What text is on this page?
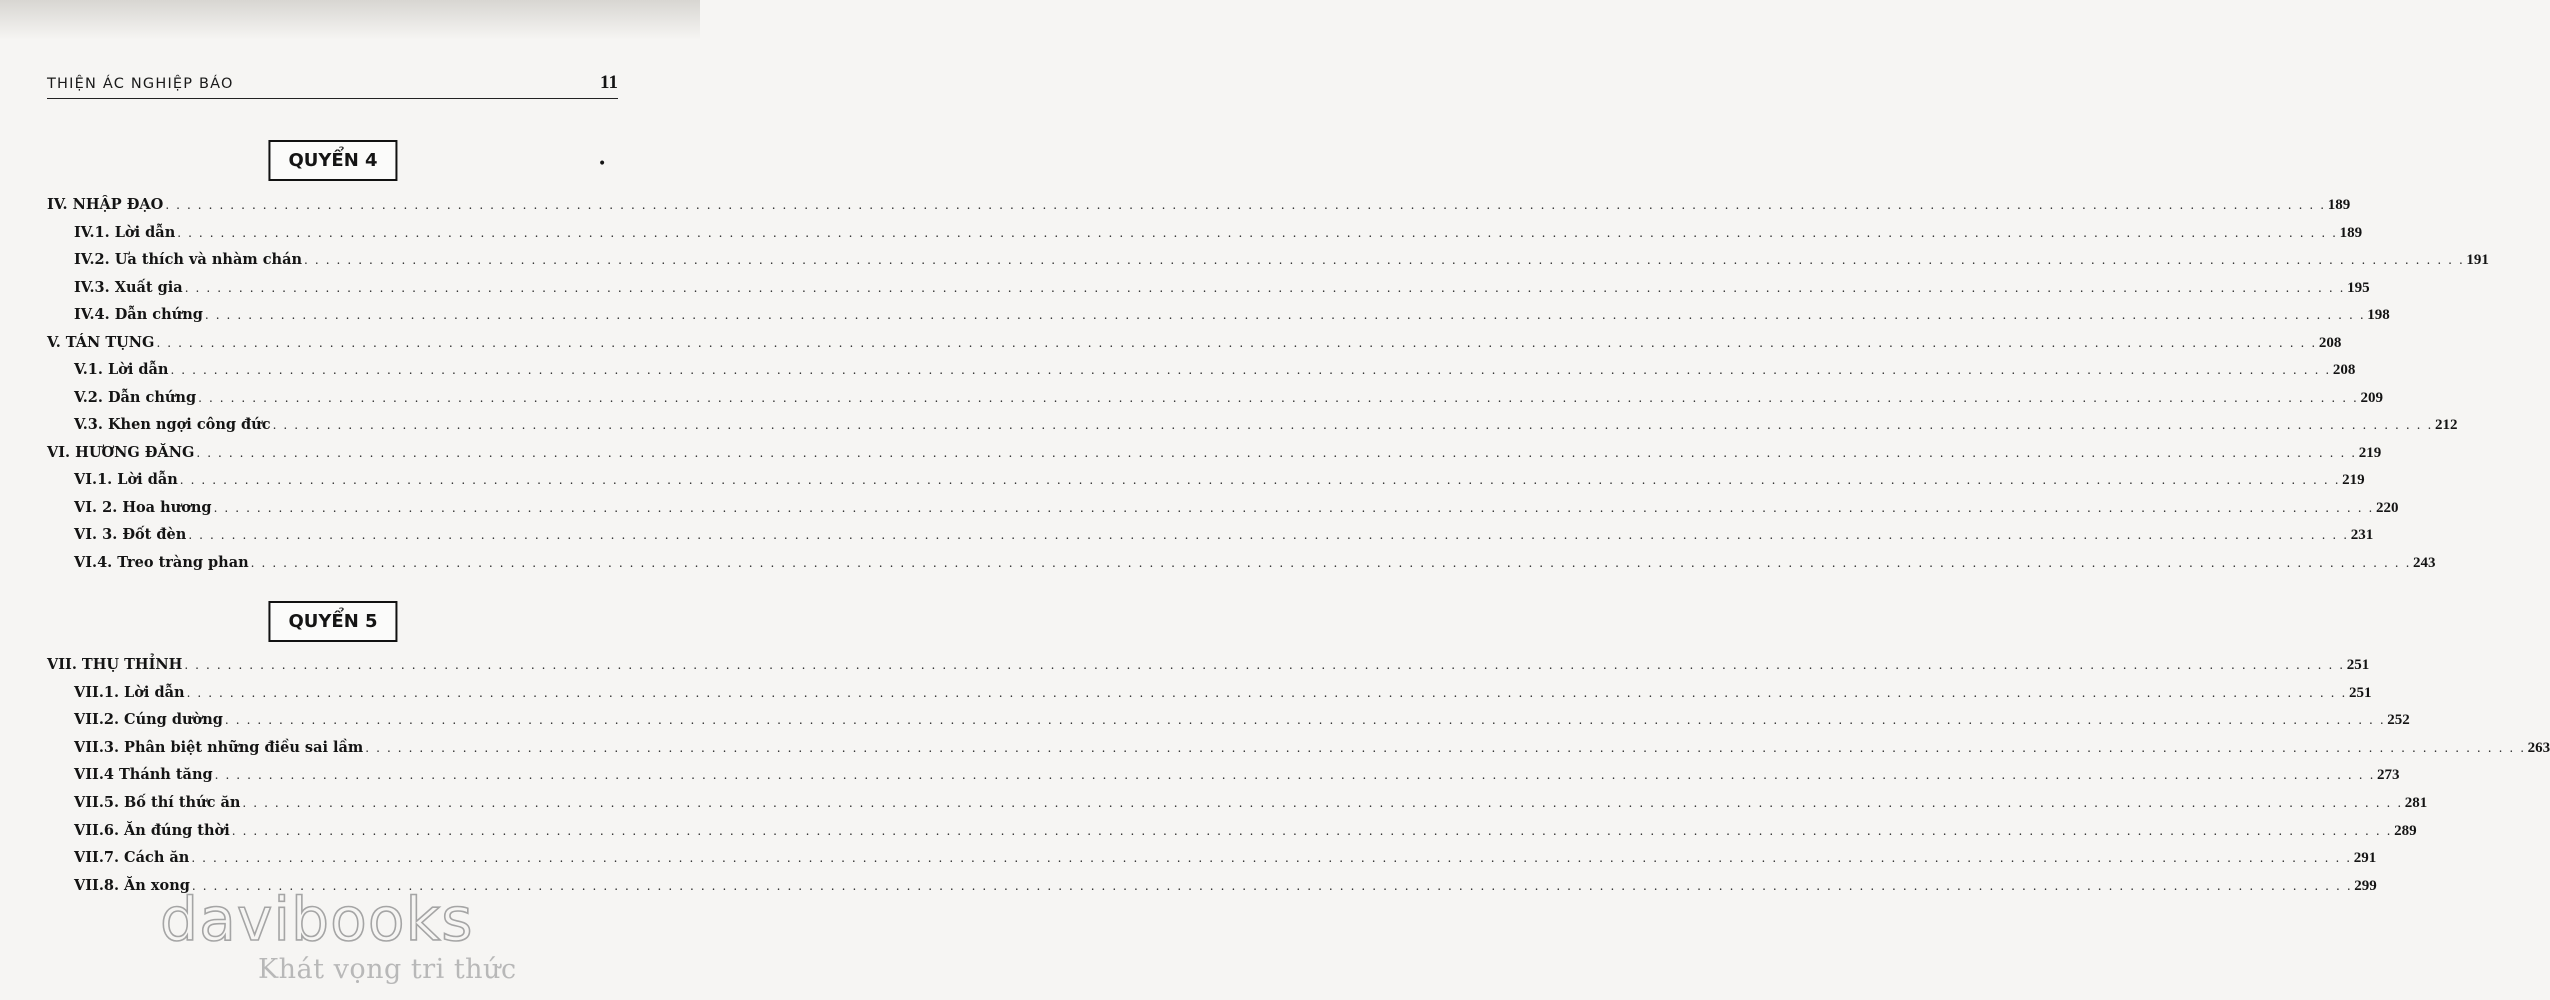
THIỆN ÁC NGHIỆP BÁO	11
QUYỂN 4	•
IV. NHẬP ĐẠO . . . . . . . . . . . . . . . . . . . . . . . . . . . . . . . . . . . . . . . . . . . . . . . . . . . . . . . . . . . . . . . . . . . . . . . . . . . . . . . . . . . . . . . . . . . . . . . . . . . . . . . . . . . . . . . . . . . . . . . . . . . . . . . . . . . . . . . . . . . . . . . . . . . . . . . . . . . . . . . . . . . . . . . . . . . . . . . . . . . . . . . . . . . . . . . . . . . . . . . . 189
IV.1. Lời dẫn . . . . . . . . . . . . . . . . . . . . . . . . . . . . . . . . . . . . . . . . . . . . . . . . . . . . . . . . . . . . . . . . . . . . . . . . . . . . . . . . . . . . . . . . . . . . . . . . . . . . . . . . . . . . . . . . . . . . . . . . . . . . . . . . . . . . . . . . . . . . . . . . . . . . . . . . . . . . . . . . . . . . . . . . . . . . . . . . . . . . . . . . . . . . . . . . . . . . . . . . 189
IV.2. Ưa thích và nhàm chán . . . . . . . . . . . . . . . . . . . . . . . . . . . . . . . . . . . . . . . . . . . . . . . . . . . . . . . . . . . . . . . . . . . . . . . . . . . . . . . . . . . . . . . . . . . . . . . . . . . . . . . . . . . . . . . . . . . . . . . . . . . . . . . . . . . . . . . . . . . . . . . . . . . . . . . . . . . . . . . . . . . . . . . . . . . . . . . . . . . . . . . . . . . . . . . . . . . . . . . . 191
IV.3. Xuất gia . . . . . . . . . . . . . . . . . . . . . . . . . . . . . . . . . . . . . . . . . . . . . . . . . . . . . . . . . . . . . . . . . . . . . . . . . . . . . . . . . . . . . . . . . . . . . . . . . . . . . . . . . . . . . . . . . . . . . . . . . . . . . . . . . . . . . . . . . . . . . . . . . . . . . . . . . . . . . . . . . . . . . . . . . . . . . . . . . . . . . . . . . . . . . . . . . . . . . . . . 195
IV.4. Dẫn chứng . . . . . . . . . . . . . . . . . . . . . . . . . . . . . . . . . . . . . . . . . . . . . . . . . . . . . . . . . . . . . . . . . . . . . . . . . . . . . . . . . . . . . . . . . . . . . . . . . . . . . . . . . . . . . . . . . . . . . . . . . . . . . . . . . . . . . . . . . . . . . . . . . . . . . . . . . . . . . . . . . . . . . . . . . . . . . . . . . . . . . . . . . . . . . . . . . . . . . . . . 198
V. TÁN TỤNG . . . . . . . . . . . . . . . . . . . . . . . . . . . . . . . . . . . . . . . . . . . . . . . . . . . . . . . . . . . . . . . . . . . . . . . . . . . . . . . . . . . . . . . . . . . . . . . . . . . . . . . . . . . . . . . . . . . . . . . . . . . . . . . . . . . . . . . . . . . . . . . . . . . . . . . . . . . . . . . . . . . . . . . . . . . . . . . . . . . . . . . . . . . . . . . . . . . . . . . . 208
V.1. Lời dẫn . . . . . . . . . . . . . . . . . . . . . . . . . . . . . . . . . . . . . . . . . . . . . . . . . . . . . . . . . . . . . . . . . . . . . . . . . . . . . . . . . . . . . . . . . . . . . . . . . . . . . . . . . . . . . . . . . . . . . . . . . . . . . . . . . . . . . . . . . . . . . . . . . . . . . . . . . . . . . . . . . . . . . . . . . . . . . . . . . . . . . . . . . . . . . . . . . . . . . . . . 208
V.2. Dẫn chứng . . . . . . . . . . . . . . . . . . . . . . . . . . . . . . . . . . . . . . . . . . . . . . . . . . . . . . . . . . . . . . . . . . . . . . . . . . . . . . . . . . . . . . . . . . . . . . . . . . . . . . . . . . . . . . . . . . . . . . . . . . . . . . . . . . . . . . . . . . . . . . . . . . . . . . . . . . . . . . . . . . . . . . . . . . . . . . . . . . . . . . . . . . . . . . . . . . . . . . . . 209
V.3. Khen ngợi công đức . . . . . . . . . . . . . . . . . . . . . . . . . . . . . . . . . . . . . . . . . . . . . . . . . . . . . . . . . . . . . . . . . . . . . . . . . . . . . . . . . . . . . . . . . . . . . . . . . . . . . . . . . . . . . . . . . . . . . . . . . . . . . . . . . . . . . . . . . . . . . . . . . . . . . . . . . . . . . . . . . . . . . . . . . . . . . . . . . . . . . . . . . . . . . . . . . . . . . . . . 212
VI. HƯƠNG ĐĂNG . . . . . . . . . . . . . . . . . . . . . . . . . . . . . . . . . . . . . . . . . . . . . . . . . . . . . . . . . . . . . . . . . . . . . . . . . . . . . . . . . . . . . . . . . . . . . . . . . . . . . . . . . . . . . . . . . . . . . . . . . . . . . . . . . . . . . . . . . . . . . . . . . . . . . . . . . . . . . . . . . . . . . . . . . . . . . . . . . . . . . . . . . . . . . . . . . . . . . . . . 219
VI.1. Lời dẫn . . . . . . . . . . . . . . . . . . . . . . . . . . . . . . . . . . . . . . . . . . . . . . . . . . . . . . . . . . . . . . . . . . . . . . . . . . . . . . . . . . . . . . . . . . . . . . . . . . . . . . . . . . . . . . . . . . . . . . . . . . . . . . . . . . . . . . . . . . . . . . . . . . . . . . . . . . . . . . . . . . . . . . . . . . . . . . . . . . . . . . . . . . . . . . . . . . . . . . . . 219
VI. 2. Hoa hương . . . . . . . . . . . . . . . . . . . . . . . . . . . . . . . . . . . . . . . . . . . . . . . . . . . . . . . . . . . . . . . . . . . . . . . . . . . . . . . . . . . . . . . . . . . . . . . . . . . . . . . . . . . . . . . . . . . . . . . . . . . . . . . . . . . . . . . . . . . . . . . . . . . . . . . . . . . . . . . . . . . . . . . . . . . . . . . . . . . . . . . . . . . . . . . . . . . . . . . . 220
VI. 3. Đốt đèn . . . . . . . . . . . . . . . . . . . . . . . . . . . . . . . . . . . . . . . . . . . . . . . . . . . . . . . . . . . . . . . . . . . . . . . . . . . . . . . . . . . . . . . . . . . . . . . . . . . . . . . . . . . . . . . . . . . . . . . . . . . . . . . . . . . . . . . . . . . . . . . . . . . . . . . . . . . . . . . . . . . . . . . . . . . . . . . . . . . . . . . . . . . . . . . . . . . . . . . . 231
VI.4. Treo tràng phan . . . . . . . . . . . . . . . . . . . . . . . . . . . . . . . . . . . . . . . . . . . . . . . . . . . . . . . . . . . . . . . . . . . . . . . . . . . . . . . . . . . . . . . . . . . . . . . . . . . . . . . . . . . . . . . . . . . . . . . . . . . . . . . . . . . . . . . . . . . . . . . . . . . . . . . . . . . . . . . . . . . . . . . . . . . . . . . . . . . . . . . . . . . . . . . . . . . . . . . . 243
QUYỂN 5
VII. THỤ THỈNH . . . . . . . . . . . . . . . . . . . . . . . . . . . . . . . . . . . . . . . . . . . . . . . . . . . . . . . . . . . . . . . . . . . . . . . . . . . . . . . . . . . . . . . . . . . . . . . . . . . . . . . . . . . . . . . . . . . . . . . . . . . . . . . . . . . . . . . . . . . . . . . . . . . . . . . . . . . . . . . . . . . . . . . . . . . . . . . . . . . . . . . . . . . . . . . . . . . . . . . . 251
VII.1. Lời dẫn . . . . . . . . . . . . . . . . . . . . . . . . . . . . . . . . . . . . . . . . . . . . . . . . . . . . . . . . . . . . . . . . . . . . . . . . . . . . . . . . . . . . . . . . . . . . . . . . . . . . . . . . . . . . . . . . . . . . . . . . . . . . . . . . . . . . . . . . . . . . . . . . . . . . . . . . . . . . . . . . . . . . . . . . . . . . . . . . . . . . . . . . . . . . . . . . . . . . . . . . 251
VII.2. Cúng dường . . . . . . . . . . . . . . . . . . . . . . . . . . . . . . . . . . . . . . . . . . . . . . . . . . . . . . . . . . . . . . . . . . . . . . . . . . . . . . . . . . . . . . . . . . . . . . . . . . . . . . . . . . . . . . . . . . . . . . . . . . . . . . . . . . . . . . . . . . . . . . . . . . . . . . . . . . . . . . . . . . . . . . . . . . . . . . . . . . . . . . . . . . . . . . . . . . . . . . . . 252
VII.3. Phân biệt những điều sai lầm . . . . . . . . . . . . . . . . . . . . . . . . . . . . . . . . . . . . . . . . . . . . . . . . . . . . . . . . . . . . . . . . . . . . . . . . . . . . . . . . . . . . . . . . . . . . . . . . . . . . . . . . . . . . . . . . . . . . . . . . . . . . . . . . . . . . . . . . . . . . . . . . . . . . . . . . . . . . . . . . . . . . . . . . . . . . . . . . . . . . . . . . . . . . . . . . . . . . . . . . 263
VII.4 Thánh tăng . . . . . . . . . . . . . . . . . . . . . . . . . . . . . . . . . . . . . . . . . . . . . . . . . . . . . . . . . . . . . . . . . . . . . . . . . . . . . . . . . . . . . . . . . . . . . . . . . . . . . . . . . . . . . . . . . . . . . . . . . . . . . . . . . . . . . . . . . . . . . . . . . . . . . . . . . . . . . . . . . . . . . . . . . . . . . . . . . . . . . . . . . . . . . . . . . . . . . . . . 273
VII.5. Bố thí thức ăn . . . . . . . . . . . . . . . . . . . . . . . . . . . . . . . . . . . . . . . . . . . . . . . . . . . . . . . . . . . . . . . . . . . . . . . . . . . . . . . . . . . . . . . . . . . . . . . . . . . . . . . . . . . . . . . . . . . . . . . . . . . . . . . . . . . . . . . . . . . . . . . . . . . . . . . . . . . . . . . . . . . . . . . . . . . . . . . . . . . . . . . . . . . . . . . . . . . . . . . . 281
VII.6. Ăn đúng thời . . . . . . . . . . . . . . . . . . . . . . . . . . . . . . . . . . . . . . . . . . . . . . . . . . . . . . . . . . . . . . . . . . . . . . . . . . . . . . . . . . . . . . . . . . . . . . . . . . . . . . . . . . . . . . . . . . . . . . . . . . . . . . . . . . . . . . . . . . . . . . . . . . . . . . . . . . . . . . . . . . . . . . . . . . . . . . . . . . . . . . . . . . . . . . . . . . . . . . . . 289
VII.7. Cách ăn . . . . . . . . . . . . . . . . . . . . . . . . . . . . . . . . . . . . . . . . . . . . . . . . . . . . . . . . . . . . . . . . . . . . . . . . . . . . . . . . . . . . . . . . . . . . . . . . . . . . . . . . . . . . . . . . . . . . . . . . . . . . . . . . . . . . . . . . . . . . . . . . . . . . . . . . . . . . . . . . . . . . . . . . . . . . . . . . . . . . . . . . . . . . . . . . . . . . . . . . 291
VII.8. Ăn xong . . . . . . . . . . . . . . . . . . . . . . . . . . . . . . . . . . . . . . . . . . . . . . . . . . . . . . . . . . . . . . . . . . . . . . . . . . . . . . . . . . . . . . . . . . . . . . . . . . . . . . . . . . . . . . . . . . . . . . . . . . . . . . . . . . . . . . . . . . . . . . . . . . . . . . . . . . . . . . . . . . . . . . . . . . . . . . . . . . . . . . . . . . . . . . . . . . . . . . . . 299
davibooks
Khát vọng tri thức
